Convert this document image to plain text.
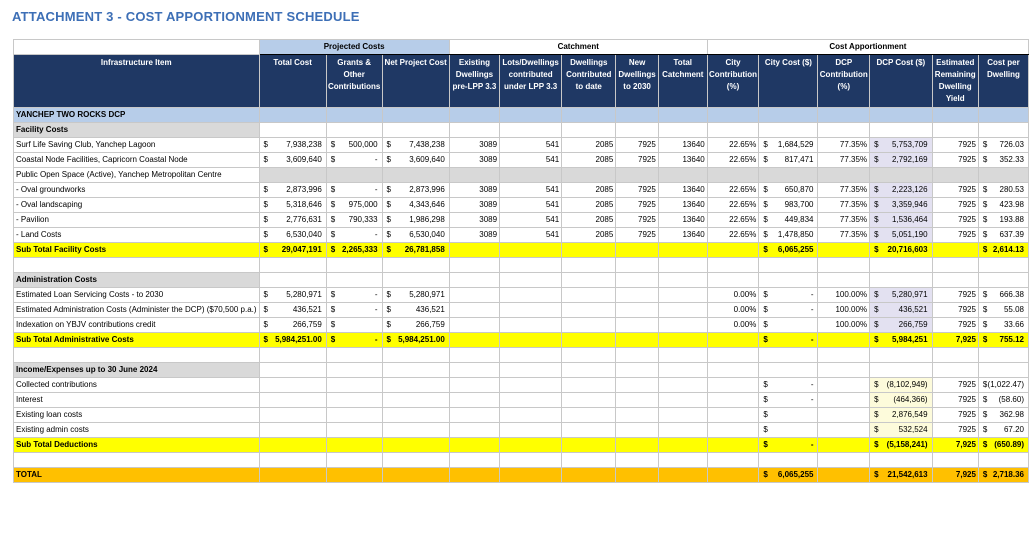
ATTACHMENT 3 - COST APPORTIONMENT SCHEDULE
	Projected Costs			Catchment					Cost Apportionment					
Infrastructure Item	Total Cost	Grants & Other Contributions	Net Project Cost	Existing Dwellings pre-LPP 3.3	Lots/Dwellings contributed under LPP 3.3	Dwellings Contributed to date	New Dwellings to 2030	Total Catchment	City Contribution (%)	City Cost ($)	DCP Contribution (%)	DCP Cost ($)	Estimated Remaining Dwelling Yield	Cost per Dwelling
YANCHEP TWO ROCKS DCP														
Facility Costs														
Surf Life Saving Club, Yanchep Lagoon	$ 7,938,238	$ 500,000	$ 7,438,238	3089	541	2085	7925	13640	22.65%	$ 1,684,529	77.35%	$ 5,753,709	7925	$ 726.03

Coastal Node Facilities, Capricorn Coastal Node	$ 3,609,640	$ -	$ 3,609,640	3089	541	2085	7925	13640	22.65%	$ 817,471	77.35%	$ 2,792,169	7925	$ 352.33

Public Open Space (Active), Yanchep Metropolitan Centre														
- Oval groundworks	$ 2,873,996	$ -	$ 2,873,996	3089	541	2085	7925	13640	22.65%	$ 650,870	77.35%	$ 2,223,126	7925	$ 280.53

- Oval landscaping	$ 5,318,646	$ 975,000	$ 4,343,646	3089	541	2085	7925	13640	22.65%	$ 983,700	77.35%	$ 3,359,946	7925	$ 423.98

- Pavilion	$ 2,776,631	$ 790,333	$ 1,986,298	3089	541	2085	7925	13640	22.65%	$ 449,834	77.35%	$ 1,536,464	7925	$ 193.88

- Land Costs	$ 6,530,040	$ -	$ 6,530,040	3089	541	2085	7925	13640	22.65%	$ 1,478,850	77.35%	$ 5,051,190	7925	$ 637.39

Sub Total Facility Costs	$ 29,047,191	$ 2,265,333	$ 26,781,858							$ 6,065,255		$ 20,716,603		$ 2,614.13

Administration Costs														
Estimated Loan Servicing Costs - to 2030	$ 5,280,971	$ -	$ 5,280,971						0.00%	$ -	100.00%	$ 5,280,971	7925	$ 666.38

Estimated Administration Costs (Administer the DCP) ($70,500 p.a.)	$ 436,521	$ -	$ 436,521						0.00%	$ -	100.00%	$ 436,521	7925	$ 55.08

Indexation on YBJV contributions credit	$ 266,759	$	$ 266,759						0.00%	$	100.00%	$ 266,759	7925	$ 33.66

Sub Total Administrative Costs	$ 5,984,251.00	$ -	$ 5,984,251.00							$ -		$ 5,984,251	7,925	$ 755.12

Income/Expenses up to 30 June 2024														
Collected contributions										$ -		$ (8,102,949)	7925	$ (1,022.47)

Interest										$ -		$ (464,366)	7925	$ (58.60)

Existing loan costs										$		$ 2,876,549	7925	$ 362.98

Existing admin costs										$		$ 532,524	7925	$ 67.20

Sub Total Deductions										$ -		$ (5,158,241)	7,925	$ (650.89)

TOTAL										$ 6,065,255		$ 21,542,613	7,925	$ 2,718.36
